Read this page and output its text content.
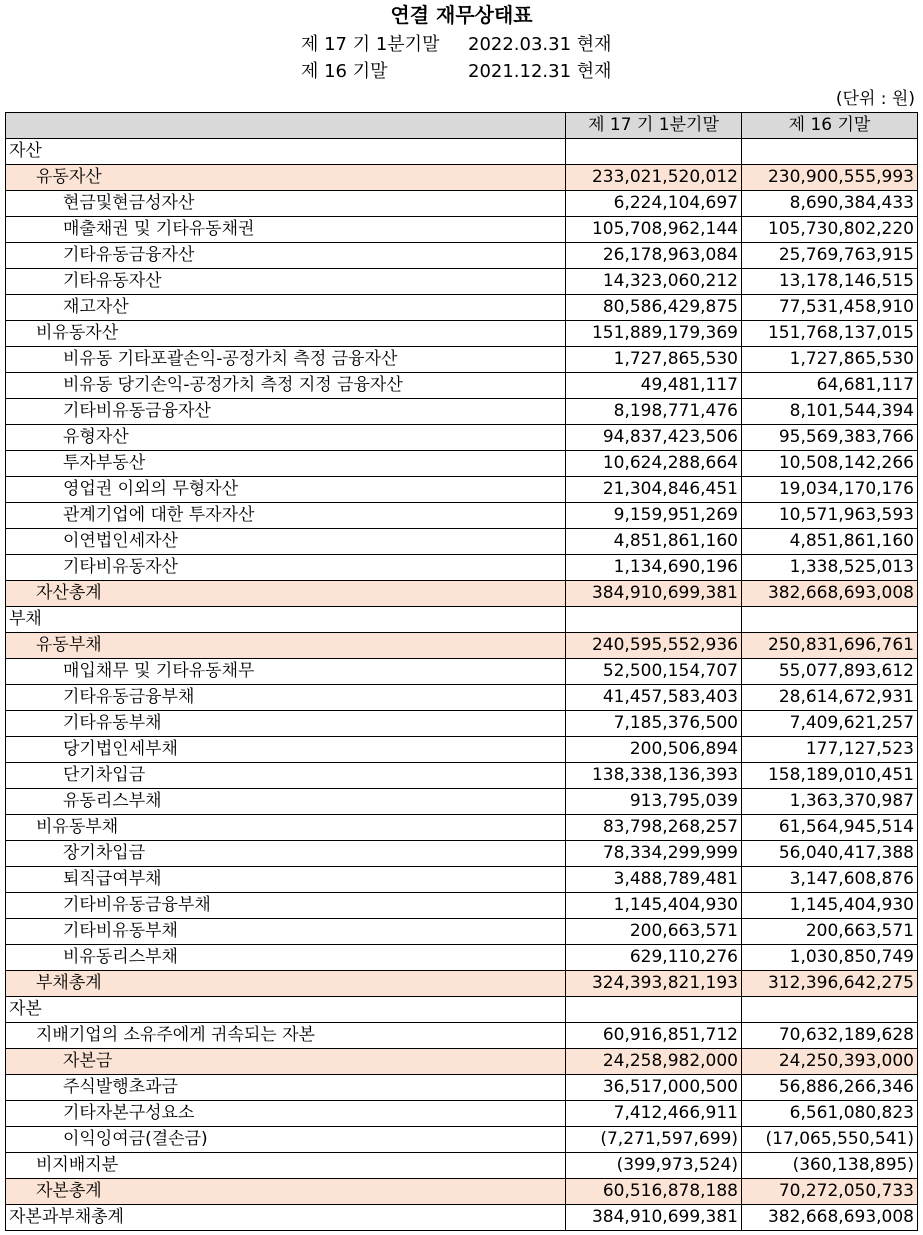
연결 재무상태표
제 17 기 1분기말 2022.03.31 현재
제 16 기말	2021.12.31 현재
(단위 : 원)
	제 17 기 1분기말	제 16 기말
자산		
유동자산	233,021,520,012	230,900,555,993
현금및현금성자산	6,224,104,697	8,690,384,433
매출채권 및 기타유동채권	105,708,962,144	105,730,802,220
기타유동금융자산	26,178,963,084	25,769,763,915
기타유동자산	14,323,060,212	13,178,146,515
재고자산	80,586,429,875	77,531,458,910
비유동자산	151,889,179,369	151,768,137,015
비유동 기타포괄손익-공정가치 측정 금융자산	1,727,865,530	1,727,865,530
비유동 당기손익-공정가치 측정 지정 금융자산	49,481,117	64,681,117
기타비유동금융자산	8,198,771,476	8,101,544,394
유형자산	94,837,423,506	95,569,383,766
투자부동산	10,624,288,664	10,508,142,266
영업권 이외의 무형자산	21,304,846,451	19,034,170,176
관계기업에 대한 투자자산	9,159,951,269	10,571,963,593
이연법인세자산	4,851,861,160	4,851,861,160
기타비유동자산	1,134,690,196	1,338,525,013
자산총계	384,910,699,381	382,668,693,008
부채		
유동부채	240,595,552,936	250,831,696,761
매입채무 및 기타유동채무	52,500,154,707	55,077,893,612
기타유동금융부채	41,457,583,403	28,614,672,931
기타유동부채	7,185,376,500	7,409,621,257
당기법인세부채	200,506,894	177,127,523
단기차입금	138,338,136,393	158,189,010,451
유동리스부채	913,795,039	1,363,370,987
비유동부채	83,798,268,257	61,564,945,514
장기차입금	78,334,299,999	56,040,417,388
퇴직급여부채	3,488,789,481	3,147,608,876
기타비유동금융부채	1,145,404,930	1,145,404,930
기타비유동부채	200,663,571	200,663,571
비유동리스부채	629,110,276	1,030,850,749
부채총계	324,393,821,193	312,396,642,275
자본		
지배기업의 소유주에게 귀속되는 자본	60,916,851,712	70,632,189,628
자본금	24,258,982,000	24,250,393,000
주식발행초과금	36,517,000,500	56,886,266,346
기타자본구성요소	7,412,466,911	6,561,080,823
이익잉여금(결손금)	(7,271,597,699)	(17,065,550,541)
비지배지분	(399,973,524)	(360,138,895)
자본총계	60,516,878,188	70,272,050,733
자본과부채총계	384,910,699,381	382,668,693,008
